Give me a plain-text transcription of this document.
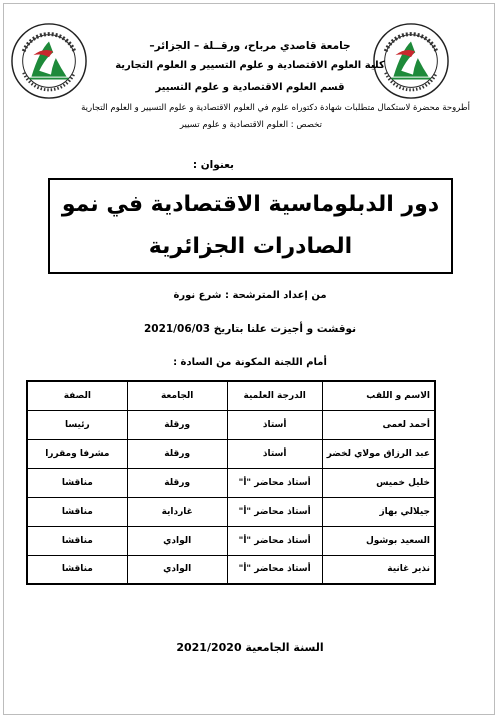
جامعة قاصدي مرباح، ورقــلة – الجزائر–
كلية العلوم الاقتصادية و علوم التسيير و العلوم التجارية
قسم العلوم الاقتصادية و علوم التسيير
أطروحة محضرة لاستكمال متطلبات شهادة دكتوراه علوم في العلوم الاقتصادية و علوم التسيير و العلوم التجارية
تخصص : العلوم الاقتصادية و علوم تسيير
بعنوان :
دور الدبلوماسية الاقتصادية في نمو الصادرات الجزائرية
من إعداد المترشحة : شرع نورة
نوقشت و أجيزت علنا بتاريخ 2021/06/03
أمام اللجنة المكونة من السادة :
الاسم و اللقب	الدرجة العلمية	الجامعة	الصفة
أحمد لعمى	أستاذ	ورقلة	رئيسا
عبد الرزاق مولاي لخضر	أستاذ	ورقلة	مشرفا ومقررا
خليل خميس	أستاذ محاضر "أ"	ورقلة	مناقشا
جيلالي بهاز	أستاذ محاضر "أ"	غارداية	مناقشا
السعيد بوشول	أستاذ محاضر "أ"	الوادي	مناقشا
نذير غانية	أستاذ محاضر "أ"	الوادي	مناقشا
السنة الجامعية 2021/2020
